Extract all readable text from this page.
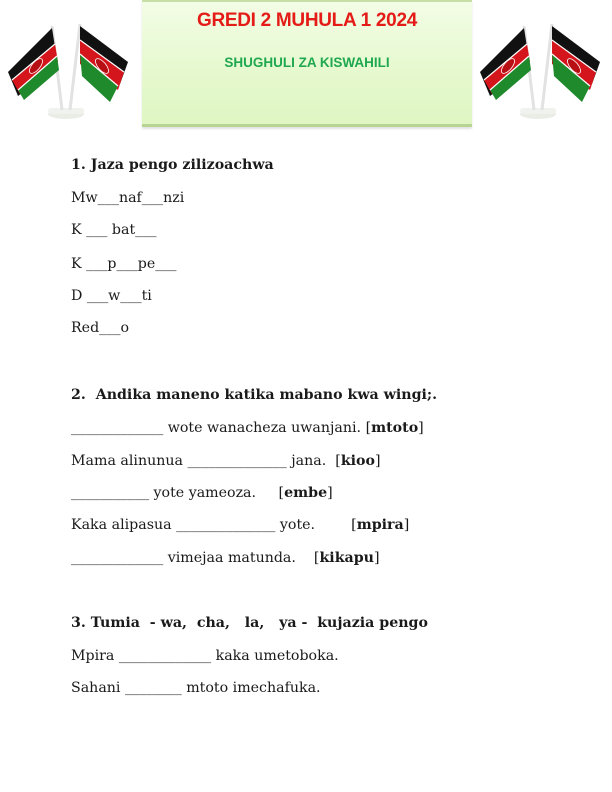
GREDI 2 MUHULA 1 2024
SHUGHULI ZA KISWAHILI
1. Jaza pengo zilizoachwa
Mw___naf___nzi
K ___ bat___
K ___p___pe___
D ___w___ti
Red___o
2.  Andika maneno katika mabano kwa wingi;.
_____________ wote wanacheza uwanjani. [mtoto]
Mama alinunua ______________ jana.  [kioo]
___________ yote yameoza.     [embe]
Kaka alipasua ______________ yote.        [mpira]
_____________ vimejaa matunda.    [kikapu]
3. Tumia  - wa,  cha,   la,   ya -  kujazia pengo
Mpira _____________ kaka umetoboka.
Sahani ________ mtoto imechafuka.
